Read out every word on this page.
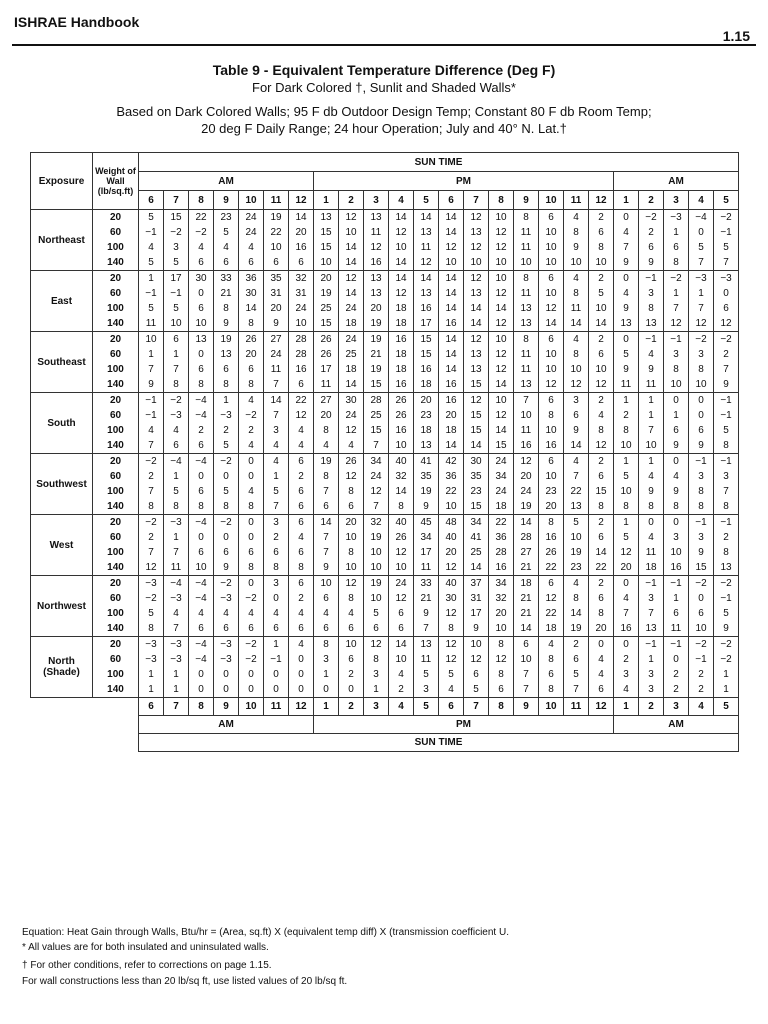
ISHRAE Handbook
1.15
Table 9 - Equivalent Temperature Difference (Deg F)
For Dark Colored †, Sunlit and Shaded Walls*
Based on Dark Colored Walls; 95 F db Outdoor Design Temp; Constant 80 F db Room Temp;
20 deg F Daily Range; 24 hour Operation; July and 40° N. Lat.†
Exposure	Weight of Wall (lb/sq.ft)	SUN TIME																							
		AM							PM												AM				
		6	7	8	9	10	11	12	1	2	3	4	5	6	7	8	9	10	11	12	1	2	3	4	5
Northeast	20	5	15	22	23	24	19	14	13	12	13	14	14	14	12	10	8	6	4	2	0	−2	−3	−4	−2
	60	−1	−2	−2	5	24	22	20	15	10	11	12	13	14	13	12	11	10	8	6	4	2	1	0	−1
	100	4	3	4	4	4	10	16	15	14	12	10	11	12	12	12	11	10	9	8	7	6	6	5	5
	140	5	5	6	6	6	6	6	10	14	16	14	12	10	10	10	10	10	10	10	9	9	8	7	7
East	20	1	17	30	33	36	35	32	20	12	13	14	14	14	12	10	8	6	4	2	0	−1	−2	−3	−3
	60	−1	−1	0	21	30	31	31	19	14	13	12	13	14	13	12	11	10	8	5	4	3	1	1	0
	100	5	5	6	8	14	20	24	25	24	20	18	16	14	14	14	13	12	11	10	9	8	7	7	6
	140	11	10	10	9	8	9	10	15	18	19	18	17	16	14	12	13	14	14	14	13	13	12	12	12
Southeast	20	10	6	13	19	26	27	28	26	24	19	16	15	14	12	10	8	6	4	2	0	−1	−1	−2	−2
	60	1	1	0	13	20	24	28	26	25	21	18	15	14	13	12	11	10	8	6	5	4	3	3	2
	100	7	7	6	6	6	11	16	17	18	19	18	16	14	13	12	11	10	10	10	9	9	8	8	7
	140	9	8	8	8	8	7	6	11	14	15	16	18	16	15	14	13	12	12	12	11	11	10	10	9
South	20	−1	−2	−4	1	4	14	22	27	30	28	26	20	16	12	10	7	6	3	2	1	1	0	0	−1
	60	−1	−3	−4	−3	−2	7	12	20	24	25	26	23	20	15	12	10	8	6	4	2	1	1	0	−1
	100	4	4	2	2	2	3	4	8	12	15	16	18	18	15	14	11	10	9	8	8	7	6	6	5
	140	7	6	6	5	4	4	4	4	4	7	10	13	14	14	15	16	16	14	12	10	10	9	9	8
Southwest	20	−2	−4	−4	−2	0	4	6	19	26	34	40	41	42	30	24	12	6	4	2	1	1	0	−1	−1
	60	2	1	0	0	0	1	2	8	12	24	32	35	36	35	34	20	10	7	6	5	4	4	3	3
	100	7	5	6	5	4	5	6	7	8	12	14	19	22	23	24	24	23	22	15	10	9	9	8	7
	140	8	8	8	8	8	7	6	6	6	7	8	9	10	15	18	19	20	13	8	8	8	8	8	8
West	20	−2	−3	−4	−2	0	3	6	14	20	32	40	45	48	34	22	14	8	5	2	1	0	0	−1	−1
	60	2	1	0	0	0	2	4	7	10	19	26	34	40	41	36	28	16	10	6	5	4	3	3	2
	100	7	7	6	6	6	6	6	7	8	10	12	17	20	25	28	27	26	19	14	12	11	10	9	8
	140	12	11	10	9	8	8	8	9	10	10	10	11	12	14	16	21	22	23	22	20	18	16	15	13
Northwest	20	−3	−4	−4	−2	0	3	6	10	12	19	24	33	40	37	34	18	6	4	2	0	−1	−1	−2	−2
	60	−2	−3	−4	−3	−2	0	2	6	8	10	12	21	30	31	32	21	12	8	6	4	3	1	0	−1
	100	5	4	4	4	4	4	4	4	4	5	6	9	12	17	20	21	22	14	8	7	7	6	6	5
	140	8	7	6	6	6	6	6	6	6	6	6	7	8	9	10	14	18	19	20	16	13	11	10	9
North (Shade)	20	−3	−3	−4	−3	−2	1	4	8	10	12	14	13	12	10	8	6	4	2	0	0	−1	−1	−2	−2
	60	−3	−3	−4	−3	−2	−1	0	3	6	8	10	11	12	12	12	10	8	6	4	2	1	0	−1	−2
	100	1	1	0	0	0	0	0	1	2	3	4	5	5	6	8	7	6	5	4	3	3	2	2	1
	140	1	1	0	0	0	0	0	0	0	1	2	3	4	5	6	7	8	7	6	4	3	2	2	1
		6	7	8	9	10	11	12	1	2	3	4	5	6	7	8	9	10	11	12	1	2	3	4	5
		AM							PM												AM				
		SUN TIME																							
Equation: Heat Gain through Walls, Btu/hr = (Area, sq.ft) X (equivalent temp diff) X (transmission coefficient U.
* All values are for both insulated and uninsulated walls.
† For other conditions, refer to corrections on page 1.15.
For wall constructions less than 20 lb/sq ft, use listed values of 20 lb/sq ft.
